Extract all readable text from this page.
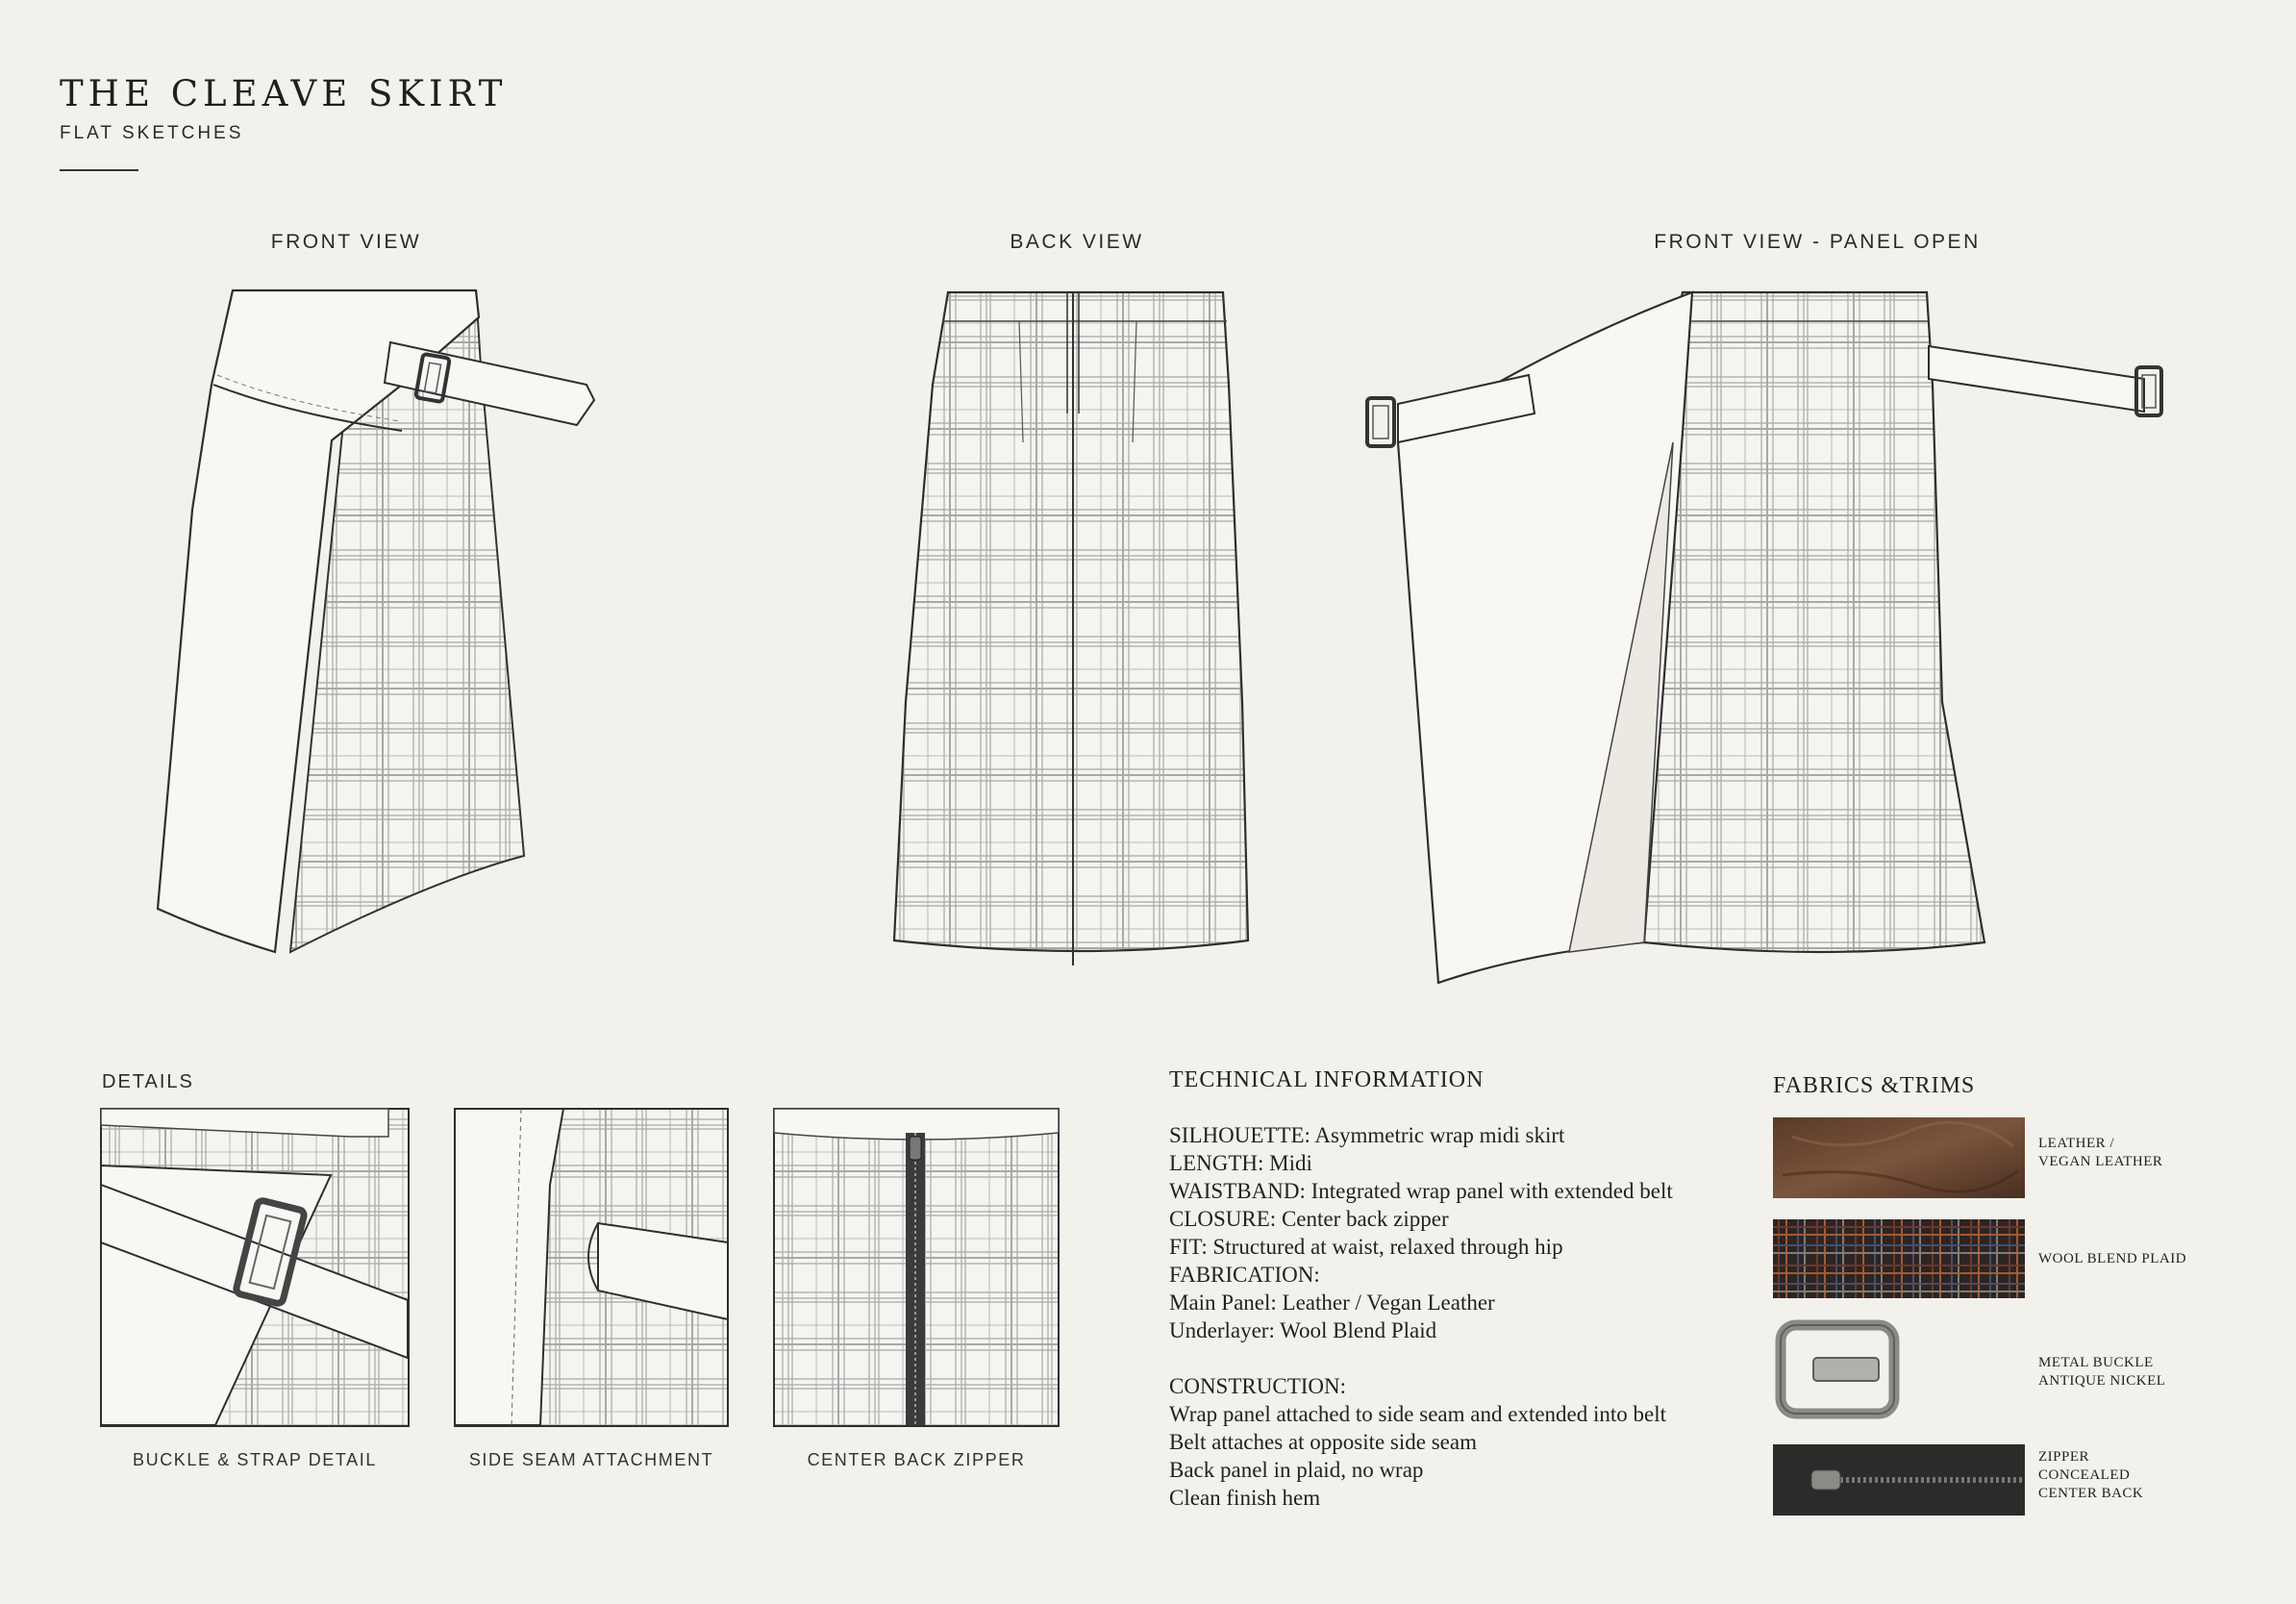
THE CLEAVE SKIRT
FLAT SKETCHES
FRONT VIEW	BACK VIEW	FRONT VIEW - PANEL OPEN
DETAILS
BUCKLE & STRAP DETAIL	SIDE SEAM ATTACHMENT	CENTER BACK ZIPPER
TECHNICAL INFORMATION
SILHOUETTE: Asymmetric wrap midi skirt
LENGTH: Midi
WAISTBAND: Integrated wrap panel with extended belt
CLOSURE: Center back zipper
FIT: Structured at waist, relaxed through hip
FABRICATION:
Main Panel: Leather / Vegan Leather
Underlayer: Wool Blend Plaid
CONSTRUCTION:
Wrap panel attached to side seam and extended into belt
Belt attaches at opposite side seam
Back panel in plaid, no wrap
Clean finish hem
FABRICS &TRIMS
LEATHER /
VEGAN LEATHER
WOOL BLEND PLAID
METAL BUCKLE
ANTIQUE NICKEL
ZIPPER
CONCEALED
CENTER BACK
